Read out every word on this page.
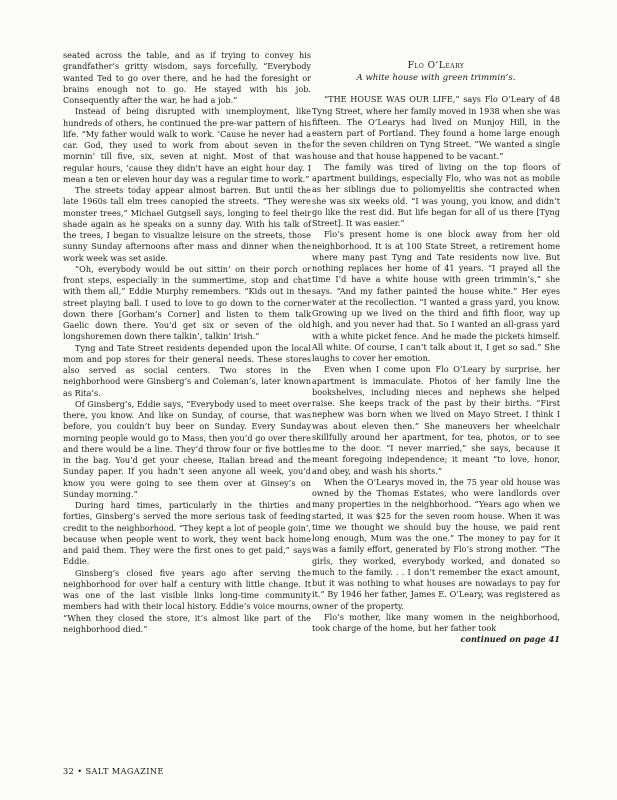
seated across the table, and as if trying to convey his grandfather’s gritty wisdom, says forcefully, “Everybody wanted Ted to go over there, and he had the foresight or brains enough not to go. He stayed with his job. Consequently after the war, he had a job.”

Instead of being disrupted with unemployment, like hundreds of others, he continued the pre-war pattern of his life. “My father would walk to work. ’Cause he never had a car. God, they used to work from about seven in the mornin’ till five, six, seven at night. Most of that was regular hours, ’cause they didn’t have an eight hour day. I mean a ten or eleven hour day was a regular time to work.”

The streets today appear almost barren. But until the late 1960s tall elm trees canopied the streets. “They were monster trees,” Michael Gutgsell says, longing to feel their shade again as he speaks on a sunny day. With his talk of the trees, I began to visualize leisure on the streets, those sunny Sunday afternoons after mass and dinner when the work week was set aside.

“Oh, everybody would be out sittin’ on their porch or front steps, especially in the summertime, stop and chat with them all,” Eddie Murphy remembers. “Kids out in the street playing ball. I used to love to go down to the corner down there [Gorham’s Corner] and listen to them talk Gaelic down there. You’d get six or seven of the old longshoremen down there talkin’, talkin’ Irish.”

Tyng and Tate Street residents depended upon the local mom and pop stores for their general needs. These stores also served as social centers. Two stores in the neighborhood were Ginsberg’s and Coleman’s, later known as Rita’s.

Of Ginsberg’s, Eddie says, “Everybody used to meet over there, you know. And like on Sunday, of course, that was before, you couldn’t buy beer on Sunday. Every Sunday morning people would go to Mass, then you’d go over there and there would be a line. They’d throw four or five bottles in the bag. You’d get your cheese, Italian bread and the Sunday paper. If you hadn’t seen anyone all week, you’d know you were going to see them over at Ginsey’s on Sunday morning.”

During hard times, particularly in the thirties and forties, Ginsberg’s served the more serious task of feeding credit to the neighborhood. “They kept a lot of people goin’, because when people went to work, they went back home and paid them. They were the first ones to get paid,” says Eddie.

Ginsberg’s closed five years ago after serving the neighborhood for over half a century with little change. It was one of the last visible links long-time community members had with their local history. Eddie’s voice mourns, “When they closed the store, it’s almost like part of the neighborhood died.”

Flo O’Leary
A white house with green trimmin’s.

“THE HOUSE WAS OUR LIFE,” says Flo O’Leary of 48 Tyng Street, where her family moved in 1938 when she was fifteen. The O’Learys had lived on Munjoy Hill, in the eastern part of Portland. They found a home large enough for the seven children on Tyng Street. “We wanted a single house and that house happened to be vacant.”

The family was tired of living on the top floors of apartment buildings, especially Flo, who was not as mobile as her siblings due to poliomyelitis she contracted when she was six weeks old. “I was young, you know, and didn’t go like the rest did. But life began for all of us there [Tyng Street]. It was easier.”

Flo’s present home is one block away from her old neighborhood. It is at 100 State Street, a retirement home where many past Tyng and Tate residents now live. But nothing replaces her home of 41 years. “I prayed all the time I’d have a white house with green trimmin’s,” she says. “And my father painted the house white.” Her eyes water at the recollection. “I wanted a grass yard, you know. Growing up we lived on the third and fifth floor, way up high, and you never had that. So I wanted an all-grass yard with a white picket fence. And he made the pickets himself. All white. Of course, I can’t talk about it, I get so sad.” She laughs to cover her emotion.

Even when I come upon Flo O’Leary by surprise, her apartment is immaculate. Photos of her family line the bookshelves, including nieces and nephews she helped raise. She keeps track of the past by their births. “First nephew was born when we lived on Mayo Street. I think I was about eleven then.” She maneuvers her wheelchair skillfully around her apartment, for tea, photos, or to see me to the door. “I never married,” she says, because it meant foregoing independence; it meant “to love, honor, and obey, and wash his shorts.”

When the O’Learys moved in, the 75 year old house was owned by the Thomas Estates, who were landlords over many properties in the neighborhood. “Years ago when we started, it was $25 for the seven room house. When it was time we thought we should buy the house, we paid rent long enough, Mum was the one.” The money to pay for it was a family effort, generated by Flo’s strong mother. “The girls, they worked, everybody worked, and donated so much to the family. . . I don’t remember the exact amount, but it was nothing to what houses are nowadays to pay for it.” By 1946 her father, James E. O’Leary, was registered as owner of the property.

Flo’s mother, like many women in the neighborhood, took charge of the home, but her father took

continued on page 41
32 • SALT MAGAZINE
